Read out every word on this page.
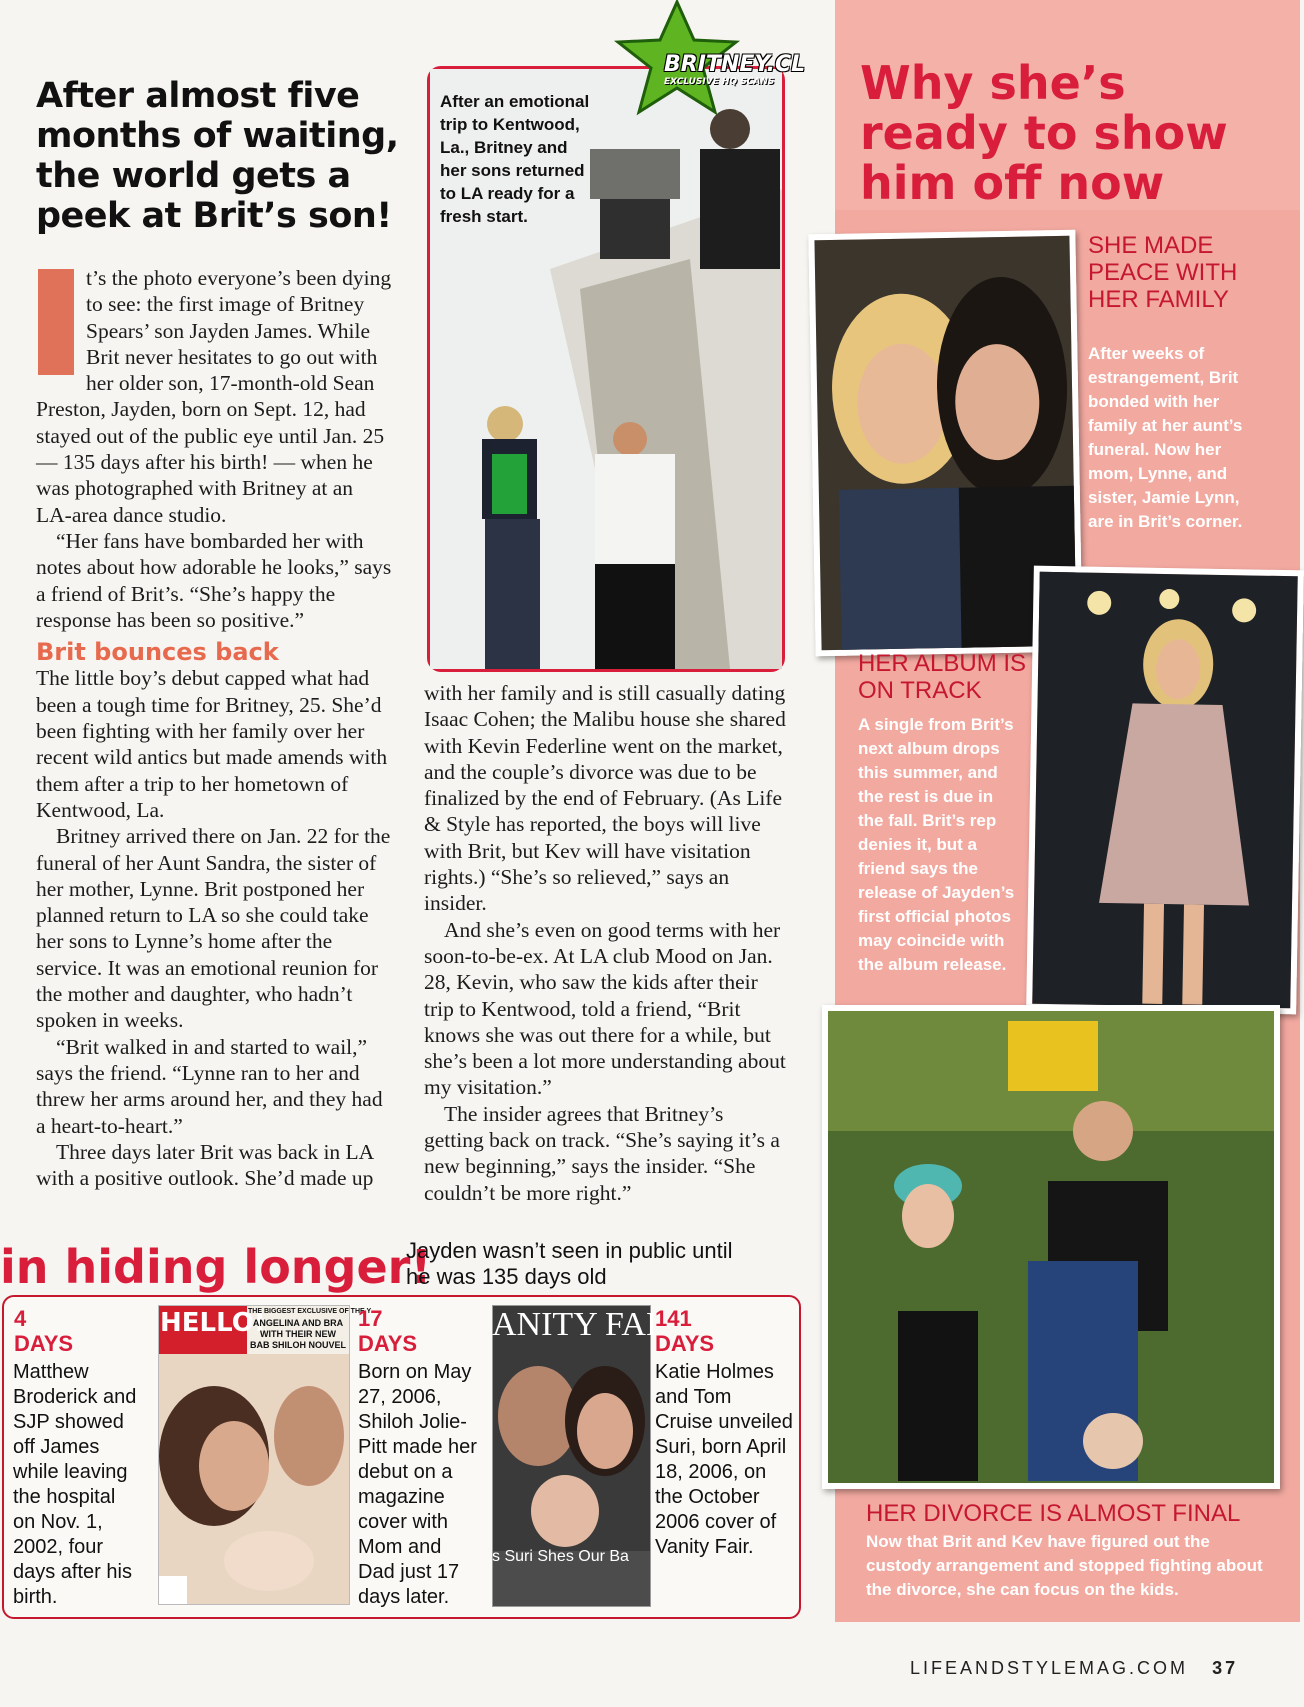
After almost five months of waiting, the world gets a peek at Brit’s son!

t’s the photo everyone’s been dying to see: the first image of Britney Spears’ son Jayden James. While Brit never hesitates to go out with her older son, 17-month-old Sean Preston, Jayden, born on Sept. 12, had stayed out of the public eye until Jan. 25 — 135 days after his birth! — when he was photographed with Britney at an LA-area dance studio.

“Her fans have bombarded her with notes about how adorable he looks,” says a friend of Brit’s. “She’s happy the response has been so positive.”

Brit bounces back

The little boy’s debut capped what had been a tough time for Britney, 25. She’d been fighting with her family over her recent wild antics but made amends with them after a trip to her hometown of Kentwood, La.

Britney arrived there on Jan. 22 for the funeral of her Aunt Sandra, the sister of her mother, Lynne. Brit postponed her planned return to LA so she could take her sons to Lynne’s home after the service. It was an emotional reunion for the mother and daughter, who hadn’t spoken in weeks.

“Brit walked in and started to wail,” says the friend. “Lynne ran to her and threw her arms around her, and they had a heart-to-heart.”

Three days later Brit was back in LA with a positive outlook. She’d made up

with her family and is still casually dating Isaac Cohen; the Malibu house she shared with Kevin Federline went on the market, and the couple’s divorce was due to be finalized by the end of February. (As Life & Style has reported, the boys will live with Brit, but Kev will have visitation rights.) “She’s so relieved,” says an insider.

And she’s even on good terms with her soon-to-be-ex. At LA club Mood on Jan. 28, Kevin, who saw the kids after their trip to Kentwood, told a friend, “Brit knows she was out there for a while, but she’s been a lot more understanding about my visitation.”

The insider agrees that Britney’s getting back on track. “She’s saying it’s a new beginning,” says the insider. “She couldn’t be more right.”

After an emotional trip to Kentwood, La., Britney and her sons returned to LA ready for a fresh start.
BRITNEY.CL
EXCLUSIVE HQ SCANS	Why she’s ready to show him off now
SHE MADE PEACE WITH HER FAMILY
After weeks of estrangement, Brit bonded with her family at her aunt’s funeral. Now her mom, Lynne, and sister, Jamie Lynn, are in Brit’s corner.
HER ALBUM IS ON TRACK
A single from Brit’s next album drops this summer, and the rest is due in the fall. Brit’s rep denies it, but a friend says the release of Jayden’s first official photos may coincide with the album release.
HER DIVORCE IS ALMOST FINAL
Now that Brit and Kev have figured out the custody arrangement and stopped fighting about the divorce, she can focus on the kids.
in hiding longer!
Jayden wasn’t seen in public until he was 135 days old
4
DAYS
Matthew Broderick and SJP showed off James while leaving the hospital on Nov. 1, 2002, four days after his birth.
HELLO!
THE BIGGEST EXCLUSIVE OF THE Y
ANGELINA AND BRA WITH THEIR NEW BAB SHILOH NOUVEL
17
DAYS
Born on May 27, 2006, Shiloh Jolie-Pitt made her debut on a magazine cover with Mom and Dad just 17 days later.
ANITY FAI
s Suri Shes Our Ba
141
DAYS
Katie Holmes and Tom Cruise unveiled Suri, born April 18, 2006, on the October 2006 cover of Vanity Fair.
LIFEANDSTYLEMAG.COM 37
